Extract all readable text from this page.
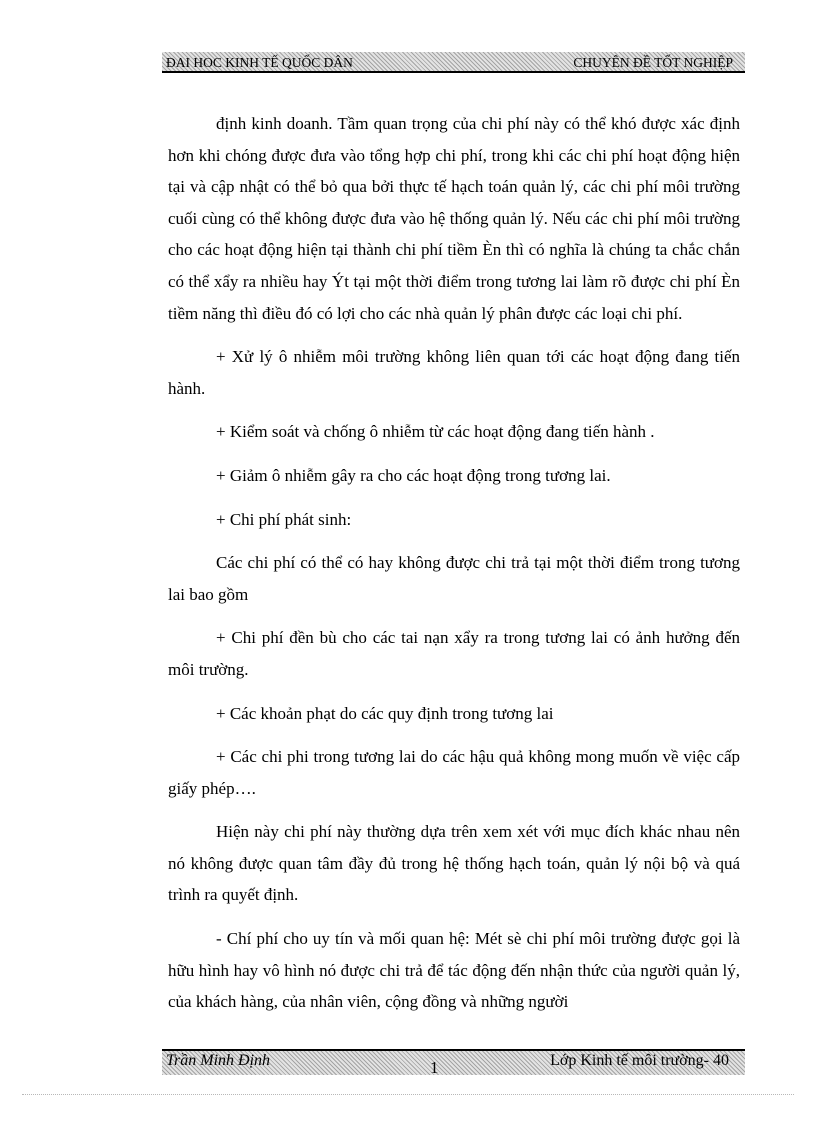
ĐAI HOC KINH TẾ QUỐC DÂN	CHUYÊN ĐỀ TỐT NGHIỆP

định kinh doanh. Tầm quan trọng của chi phí này có thể khó được xác định hơn khi chóng được đưa vào tổng hợp chi phí, trong khi các chi phí hoạt động hiện tại và cập nhật có thể bỏ qua bởi thực tế hạch toán quản lý, các chi phí môi trường cuối cùng có thể không được đưa vào hệ thống quản lý. Nếu các chi phí môi trường cho các hoạt động hiện tại thành chi phí tiềm Èn thì có nghĩa là chúng ta chắc chắn có thể xẩy ra nhiều hay Ýt tại một thời điểm trong tương lai làm rõ được chi phí Èn tiềm năng thì điều đó có lợi cho các nhà quản lý phân được các loại chi phí.

+ Xử lý ô nhiễm môi trường không liên quan tới các hoạt động đang tiến hành.

+ Kiểm soát và chống ô nhiễm từ các hoạt động đang tiến hành .

+ Giảm ô nhiễm gây ra cho các hoạt động trong tương lai.

+ Chi phí phát sinh:

Các chi phí có thể có hay không được chi trả tại một thời điểm trong tương lai bao gồm

+ Chi phí đền bù cho các tai nạn xẩy ra trong tương lai có ảnh hưởng đến môi trường.

+ Các khoản phạt do các quy định trong tương lai

+ Các chi phi trong tương lai do các hậu quả không mong muốn về việc cấp giấy phép….

Hiện này chi phí này thường dựa trên xem xét với mục đích khác nhau nên nó không được quan tâm đầy đủ trong hệ thống hạch toán, quản lý nội bộ và quá trình ra quyết định.

- Chí phí cho uy tín và mối quan hệ: Mét sè chi phí môi trường được gọi là hữu hình hay vô hình nó được chi trả để tác động đến nhận thức của người quản lý, của khách hàng, của nhân viên, cộng đồng và những người

Trần Minh Định	1	Lớp Kinh tế môi trường- 40
